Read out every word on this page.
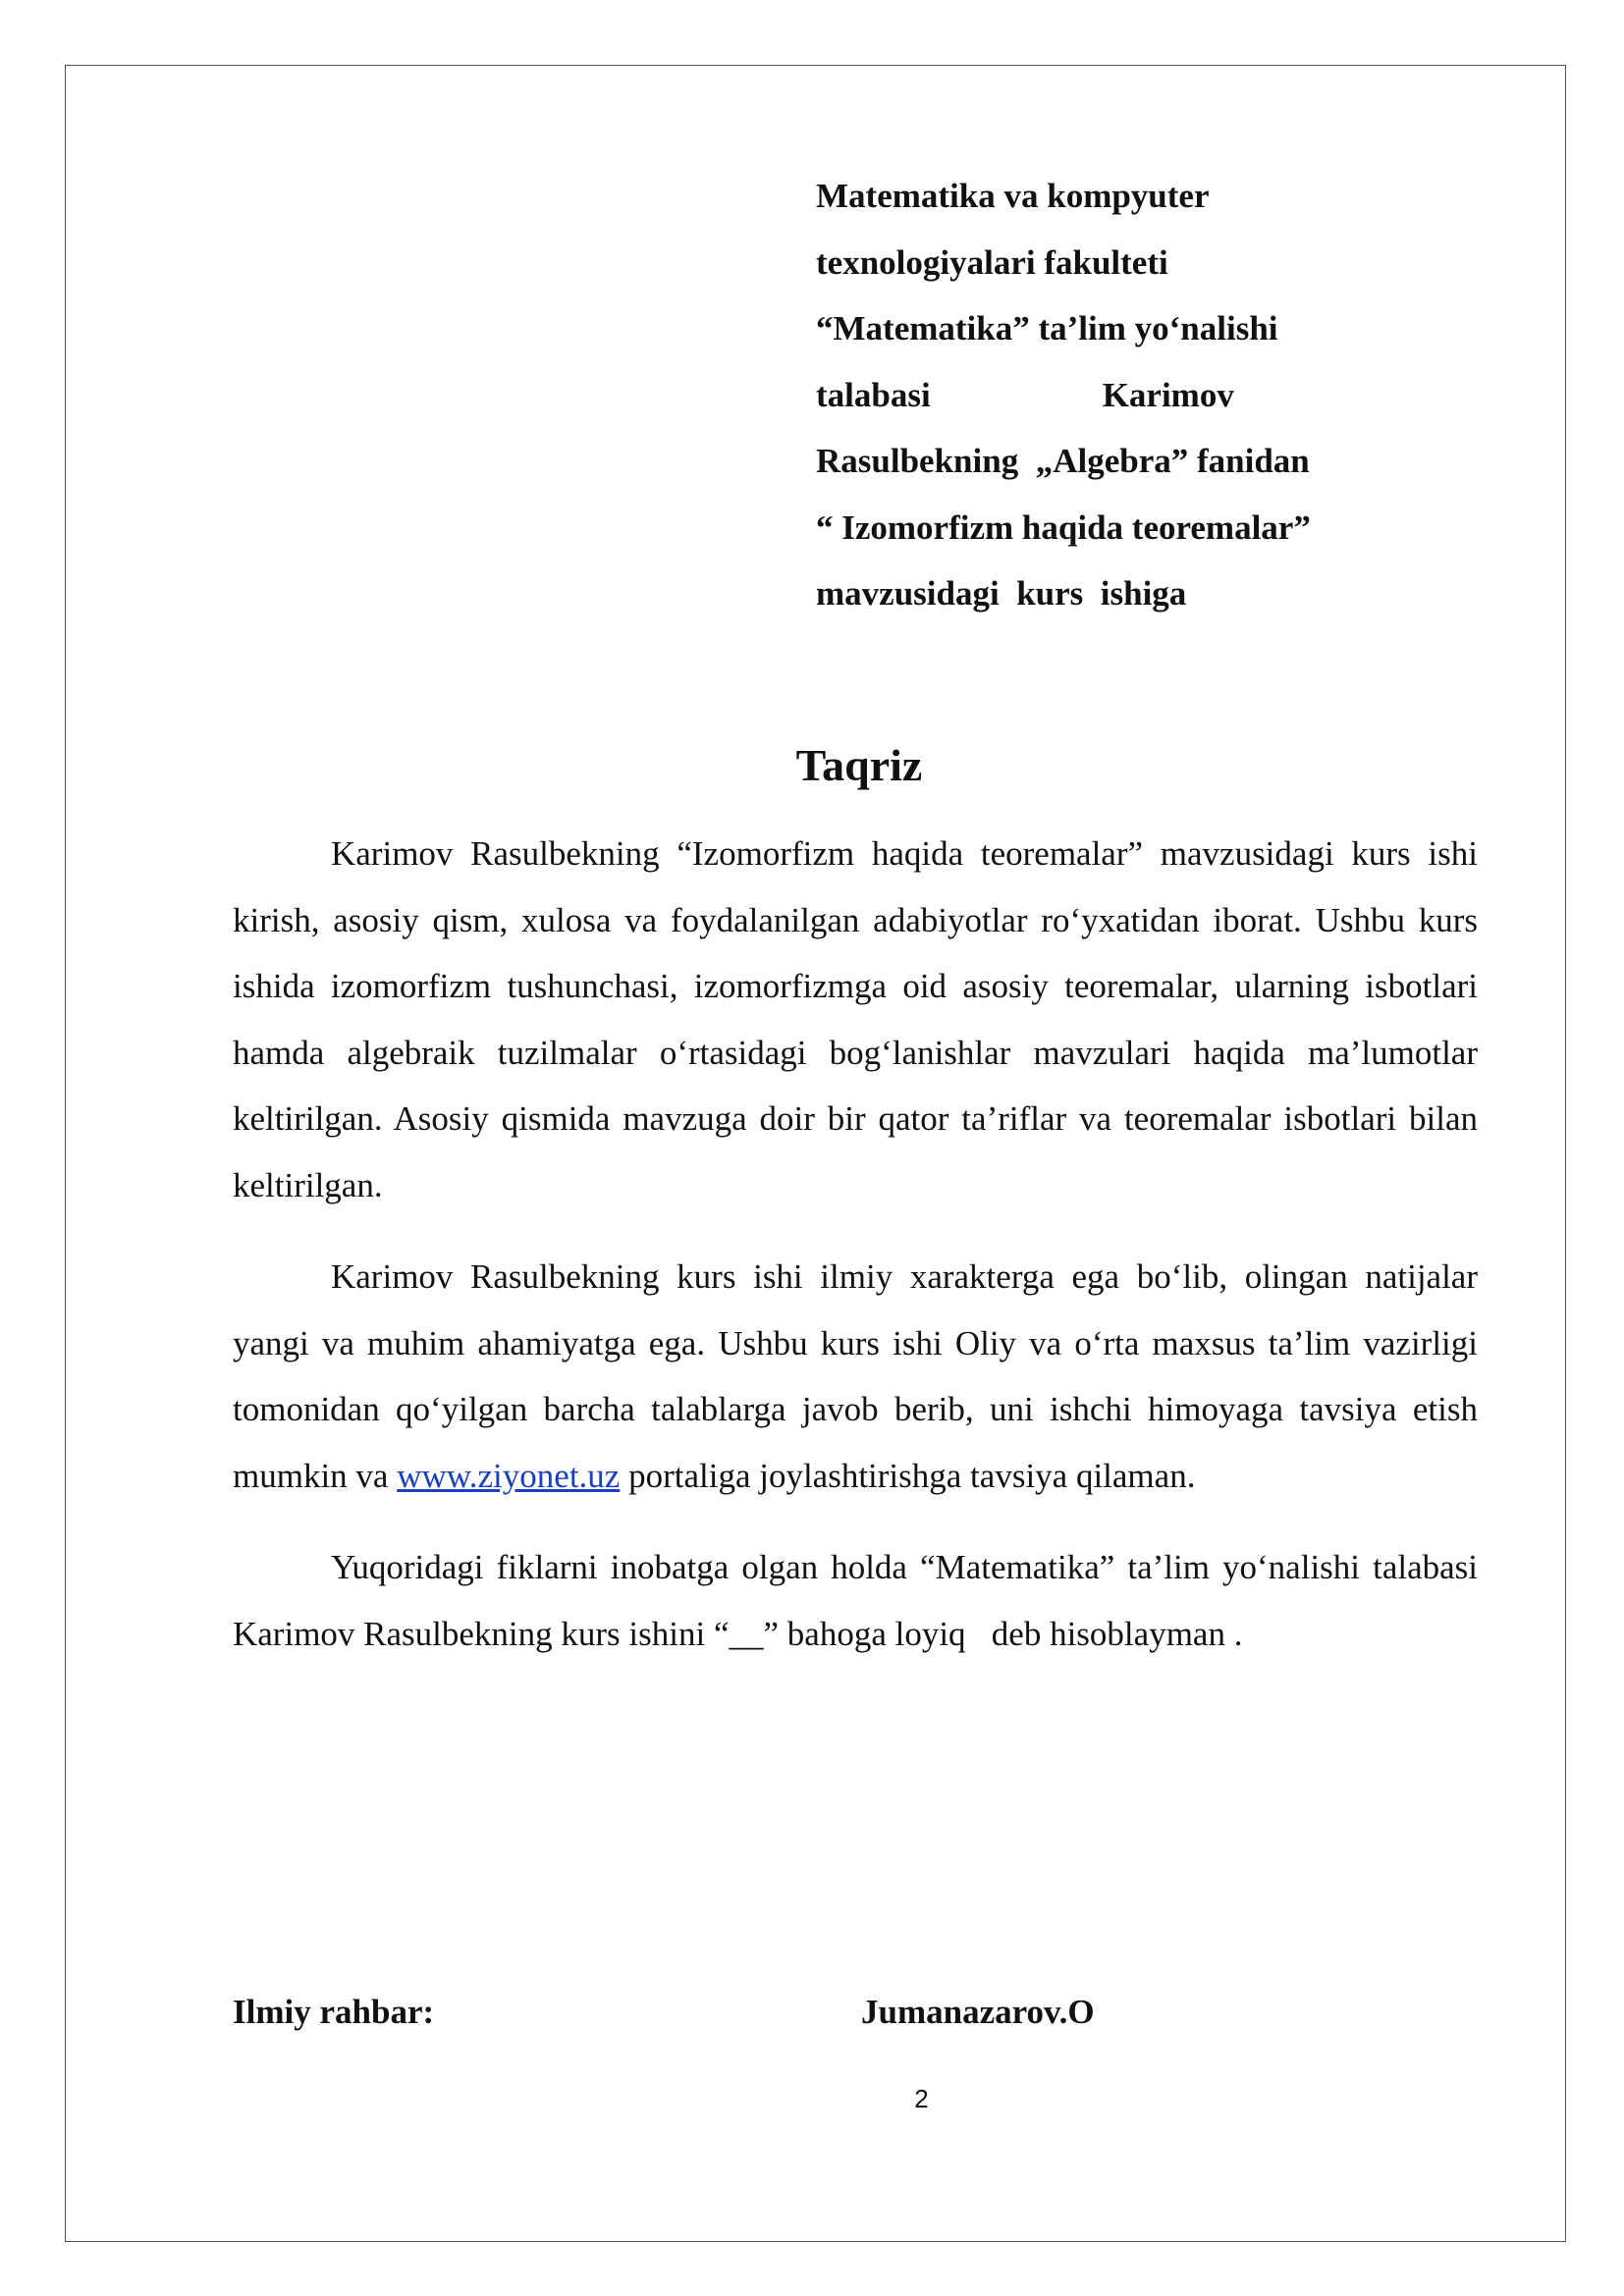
Matematika va kompyuter
texnologiyalari fakulteti
“Matematika” ta’lim yo‘nalishi
talabasi                    Karimov
Rasulbekning  „Algebra” fanidan
“ Izomorfizm haqida teoremalar”
mavzusidagi  kurs  ishiga
Taqriz

Karimov Rasulbekning “Izomorfizm haqida teoremalar” mavzusidagi kurs ishi kirish, asosiy qism, xulosa va foydalanilgan adabiyotlar ro‘yxatidan iborat. Ushbu kurs ishida izomorfizm tushunchasi, izomorfizmga oid asosiy teoremalar, ularning isbotlari hamda algebraik tuzilmalar o‘rtasidagi bog‘lanishlar mavzulari haqida ma’lumotlar keltirilgan. Asosiy qismida mavzuga doir bir qator ta’riflar va teoremalar isbotlari bilan keltirilgan.

Karimov Rasulbekning kurs ishi ilmiy xarakterga ega bo‘lib, olingan natijalar yangi va muhim ahamiyatga ega. Ushbu kurs ishi Oliy va o‘rta maxsus ta’lim vazirligi tomonidan qo‘yilgan barcha talablarga javob berib, uni ishchi himoyaga tavsiya etish mumkin va www.ziyonet.uz portaliga joylashtirishga tavsiya qilaman.

Yuqoridagi fiklarni inobatga olgan holda “Matematika” ta’lim yo‘nalishi talabasi Karimov Rasulbekning kurs ishini “__” bahoga loyiq   deb hisoblayman .

Ilmiy rahbar:	Jumanazarov.O
2
